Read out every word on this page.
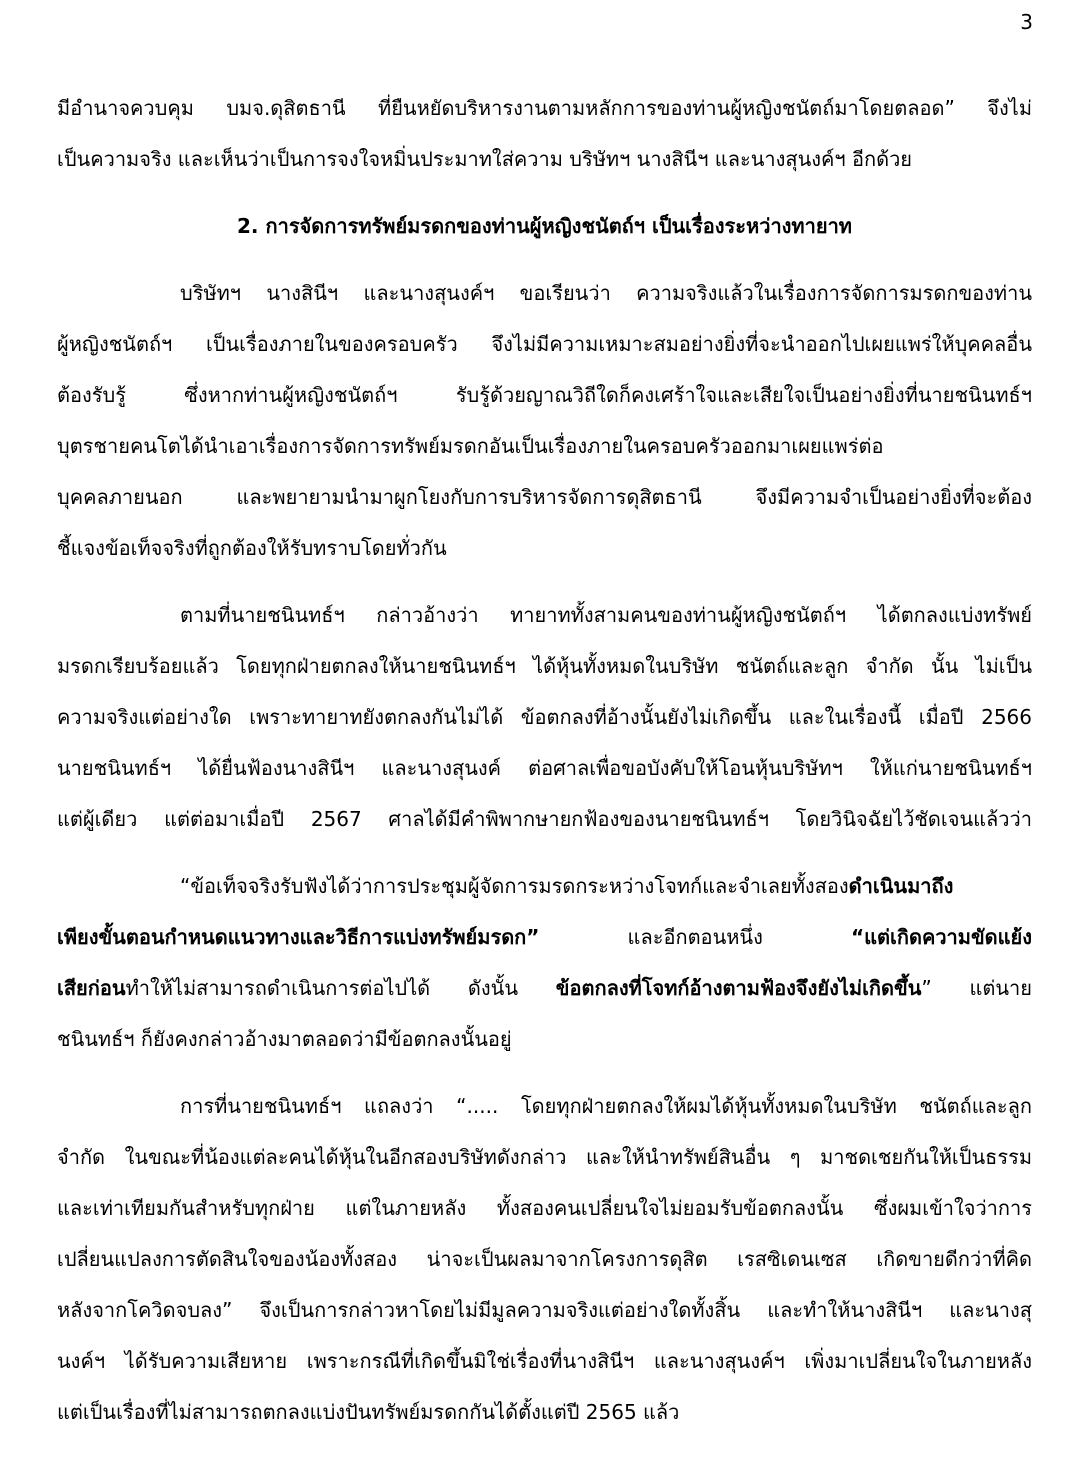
3
มีอำนาจควบคุม บมจ.ดุสิตธานี ที่ยืนหยัดบริหารงานตามหลักการของท่านผู้หญิงชนัตถ์มาโดยตลอด” จึงไม่
เป็นความจริง และเห็นว่าเป็นการจงใจหมิ่นประมาทใส่ความ บริษัทฯ นางสินีฯ และนางสุนงค์ฯ อีกด้วย
2. การจัดการทรัพย์มรดกของท่านผู้หญิงชนัตถ์ฯ เป็นเรื่องระหว่างทายาท
บริษัทฯ นางสินีฯ และนางสุนงค์ฯ ขอเรียนว่า ความจริงแล้วในเรื่องการจัดการมรดกของท่าน
ผู้หญิงชนัตถ์ฯ เป็นเรื่องภายในของครอบครัว จึงไม่มีความเหมาะสมอย่างยิ่งที่จะนำออกไปเผยแพร่ให้บุคคลอื่น
ต้องรับรู้ ซึ่งหากท่านผู้หญิงชนัตถ์ฯ รับรู้ด้วยญาณวิถีใดก็คงเศร้าใจและเสียใจเป็นอย่างยิ่งที่นายชนินทธ์ฯ
บุตรชายคนโตได้นำเอาเรื่องการจัดการทรัพย์มรดกอันเป็นเรื่องภายในครอบครัวออกมาเผยแพร่ต่อ
บุคคลภายนอก และพยายามนำมาผูกโยงกับการบริหารจัดการดุสิตธานี จึงมีความจำเป็นอย่างยิ่งที่จะต้อง
ชี้แจงข้อเท็จจริงที่ถูกต้องให้รับทราบโดยทั่วกัน
ตามที่นายชนินทธ์ฯ กล่าวอ้างว่า ทายาททั้งสามคนของท่านผู้หญิงชนัตถ์ฯ ได้ตกลงแบ่งทรัพย์
มรดกเรียบร้อยแล้ว โดยทุกฝ่ายตกลงให้นายชนินทธ์ฯ ได้หุ้นทั้งหมดในบริษัท ชนัตถ์และลูก จำกัด นั้น ไม่เป็น
ความจริงแต่อย่างใด เพราะทายาทยังตกลงกันไม่ได้ ข้อตกลงที่อ้างนั้นยังไม่เกิดขึ้น และในเรื่องนี้ เมื่อปี 2566
นายชนินทธ์ฯ ได้ยื่นฟ้องนางสินีฯ และนางสุนงค์ ต่อศาลเพื่อขอบังคับให้โอนหุ้นบริษัทฯ ให้แก่นายชนินทธ์ฯ
แต่ผู้เดียว แต่ต่อมาเมื่อปี 2567 ศาลได้มีคำพิพากษายกฟ้องของนายชนินทธ์ฯ โดยวินิจฉัยไว้ชัดเจนแล้วว่า
“ข้อเท็จจริงรับฟังได้ว่าการประชุมผู้จัดการมรดกระหว่างโจทก์และจำเลยทั้งสองดำเนินมาถึง
เพียงขั้นตอนกำหนดแนวทางและวิธีการแบ่งทรัพย์มรดก” และอีกตอนหนึ่ง “แต่เกิดความขัดแย้ง
เสียก่อนทำให้ไม่สามารถดำเนินการต่อไปได้ ดังนั้น ข้อตกลงที่โจทก์อ้างตามฟ้องจึงยังไม่เกิดขึ้น” แต่นาย
ชนินทธ์ฯ ก็ยังคงกล่าวอ้างมาตลอดว่ามีข้อตกลงนั้นอยู่
การที่นายชนินทธ์ฯ แถลงว่า “..... โดยทุกฝ่ายตกลงให้ผมได้หุ้นทั้งหมดในบริษัท ชนัตถ์และลูก
จำกัด ในขณะที่น้องแต่ละคนได้หุ้นในอีกสองบริษัทดังกล่าว และให้นำทรัพย์สินอื่น ๆ มาชดเชยกันให้เป็นธรรม
และเท่าเทียมกันสำหรับทุกฝ่าย แต่ในภายหลัง ทั้งสองคนเปลี่ยนใจไม่ยอมรับข้อตกลงนั้น ซึ่งผมเข้าใจว่าการ
เปลี่ยนแปลงการตัดสินใจของน้องทั้งสอง น่าจะเป็นผลมาจากโครงการดุสิต เรสซิเดนเซส เกิดขายดีกว่าที่คิด
หลังจากโควิดจบลง” จึงเป็นการกล่าวหาโดยไม่มีมูลความจริงแต่อย่างใดทั้งสิ้น และทำให้นางสินีฯ และนางสุ
นงค์ฯ ได้รับความเสียหาย เพราะกรณีที่เกิดขึ้นมิใช่เรื่องที่นางสินีฯ และนางสุนงค์ฯ เพิ่งมาเปลี่ยนใจในภายหลัง
แต่เป็นเรื่องที่ไม่สามารถตกลงแบ่งปันทรัพย์มรดกกันได้ตั้งแต่ปี 2565 แล้ว
